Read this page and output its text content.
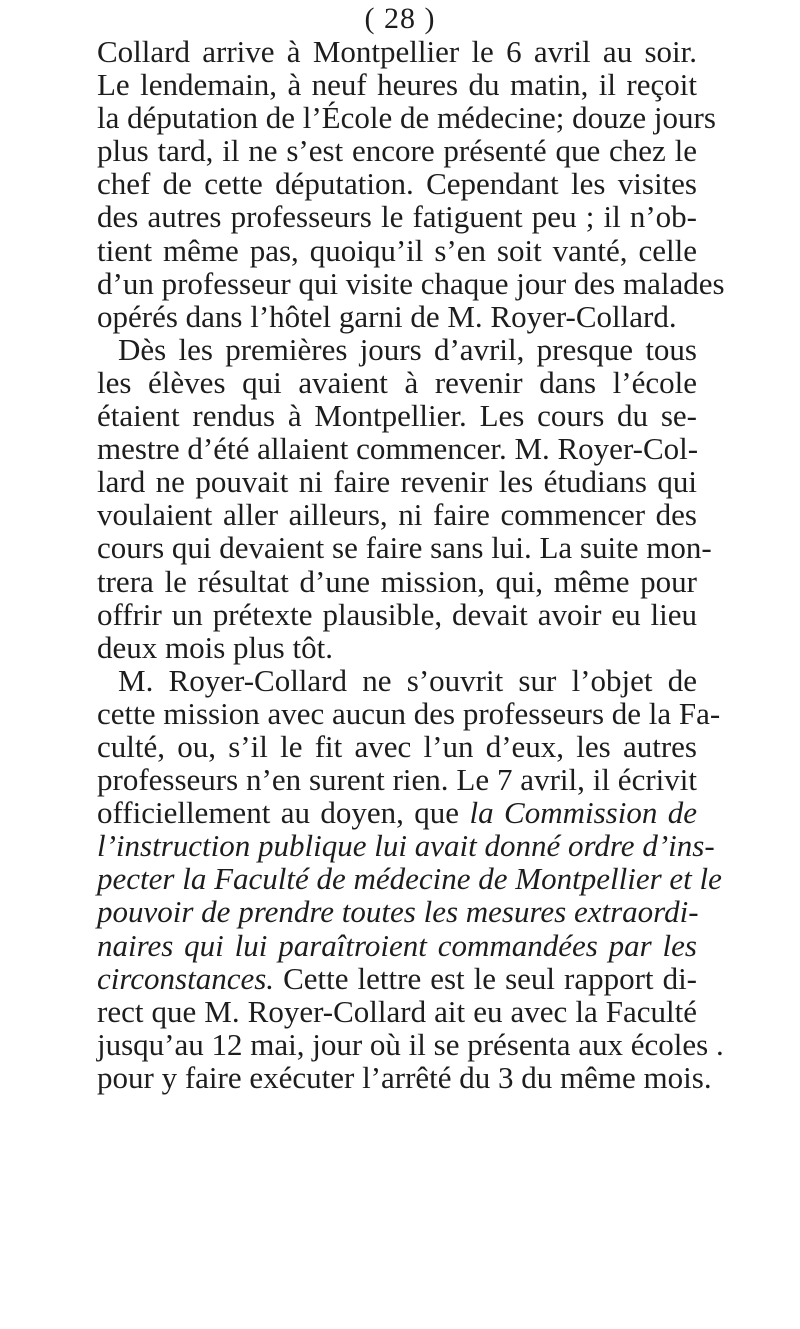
( 28 )
Collard arrive à Montpellier le 6 avril au soir.
Le lendemain, à neuf heures du matin, il reçoit
la députation de l’École de médecine; douze jours
plus tard, il ne s’est encore présenté que chez le
chef de cette députation. Cependant les visites
des autres professeurs le fatiguent peu ; il n’ob-
tient même pas, quoiqu’il s’en soit vanté, celle
d’un professeur qui visite chaque jour des malades
opérés dans l’hôtel garni de M. Royer-Collard.
Dès les premières jours d’avril, presque tous
les élèves qui avaient à revenir dans l’école
étaient rendus à Montpellier. Les cours du se-
mestre d’été allaient commencer. M. Royer-Col-
lard ne pouvait ni faire revenir les étudians qui
voulaient aller ailleurs, ni faire commencer des
cours qui devaient se faire sans lui. La suite mon-
trera le résultat d’une mission, qui, même pour
offrir un prétexte plausible, devait avoir eu lieu
deux mois plus tôt.
M. Royer-Collard ne s’ouvrit sur l’objet de
cette mission avec aucun des professeurs de la Fa-
culté, ou, s’il le fit avec l’un d’eux, les autres
professeurs n’en surent rien. Le 7 avril, il écrivit
officiellement au doyen, que la Commission de
l’instruction publique lui avait donné ordre d’ins-
pecter la Faculté de médecine de Montpellier et le
pouvoir de prendre toutes les mesures extraordi-
naires qui lui paraîtroient commandées par les
circonstances. Cette lettre est le seul rapport di-
rect que M. Royer-Collard ait eu avec la Faculté
jusqu’au 12 mai, jour où il se présenta aux écoles .
pour y faire exécuter l’arrêté du 3 du même mois.
